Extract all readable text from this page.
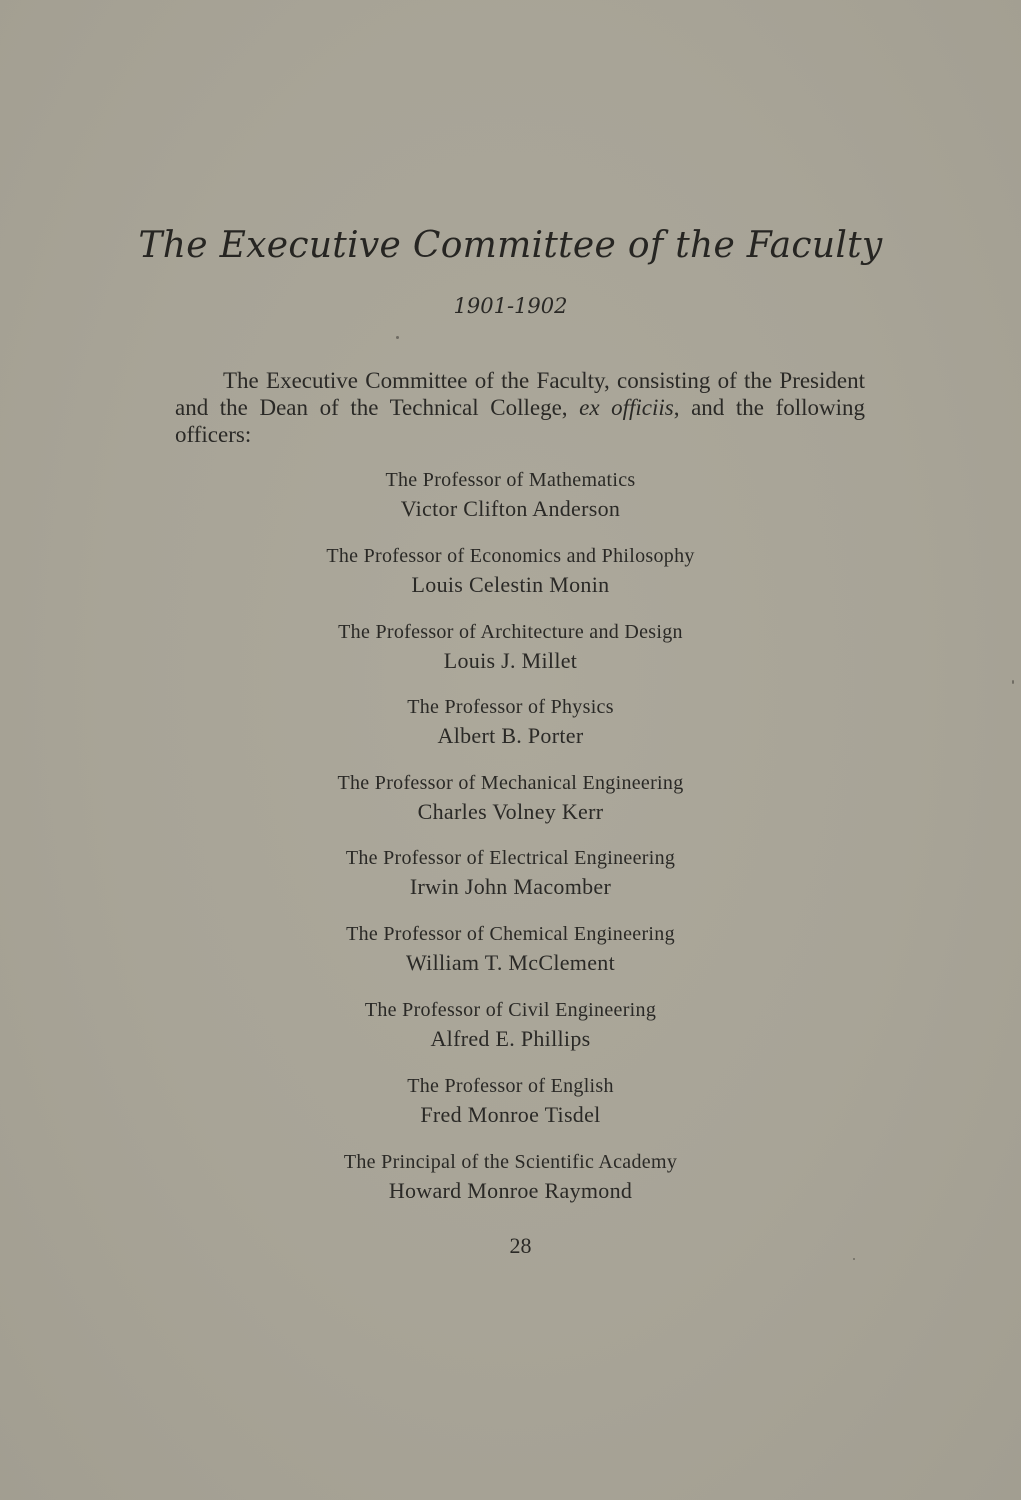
The Executive Committee of the Faculty
1901-1902

The Executive Committee of the Faculty, consisting of the President and the Dean of the Technical College, ex officiis, and the following officers:

The Professor of Mathematics
Victor Clifton Anderson
The Professor of Economics and Philosophy
Louis Celestin Monin
The Professor of Architecture and Design
Louis J. Millet
The Professor of Physics
Albert B. Porter
The Professor of Mechanical Engineering
Charles Volney Kerr
The Professor of Electrical Engineering
Irwin John Macomber
The Professor of Chemical Engineering
William T. McClement
The Professor of Civil Engineering
Alfred E. Phillips
The Professor of English
Fred Monroe Tisdel
The Principal of the Scientific Academy
Howard Monroe Raymond
28
